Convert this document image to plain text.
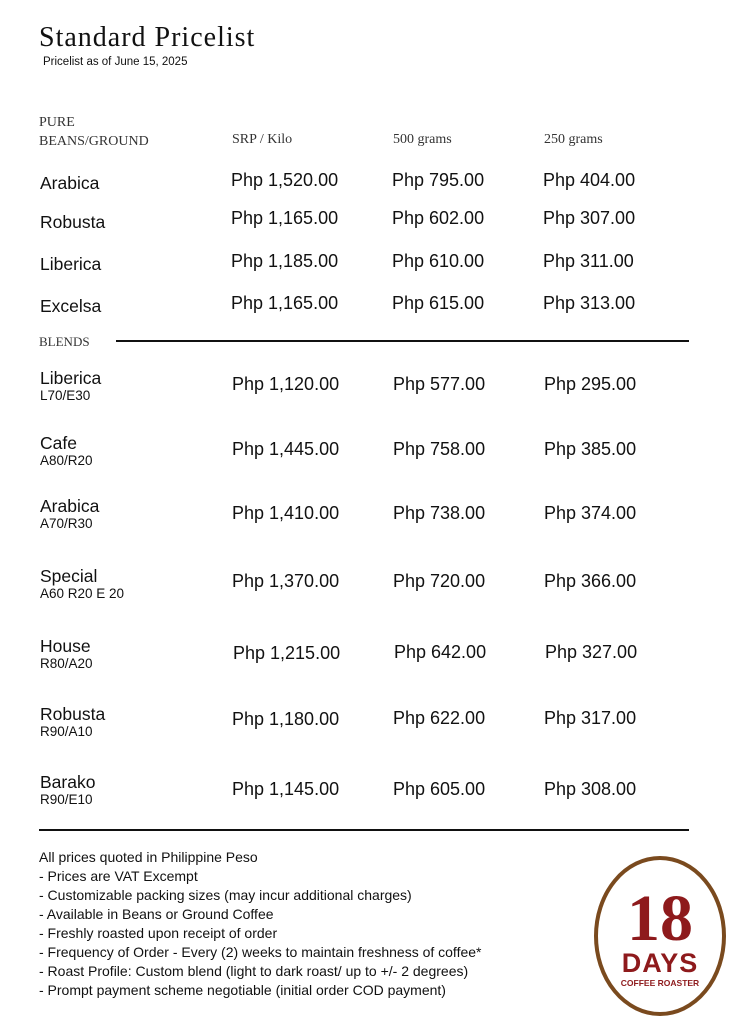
Standard Pricelist
Pricelist as of June 15, 2025
PURE
BEANS/GROUND	SRP / Kilo	500 grams	250 grams
Arabica	Php 1,520.00	Php 795.00	Php 404.00
Robusta	Php 1,165.00	Php 602.00	Php 307.00
Liberica	Php 1,185.00	Php 610.00	Php 311.00
Excelsa	Php 1,165.00	Php 615.00	Php 313.00
BLENDS
Liberica
L70/E30
Php 1,120.00	Php 577.00	Php 295.00
Cafe
A80/R20
Php 1,445.00	Php 758.00	Php 385.00
Arabica
A70/R30
Php 1,410.00	Php 738.00	Php 374.00
Special
A60 R20 E 20
Php 1,370.00	Php 720.00	Php 366.00
House
R80/A20
Php 1,215.00	Php 642.00	Php 327.00
Robusta
R90/A10
Php 1,180.00	Php 622.00	Php 317.00
Barako
R90/E10
Php 1,145.00	Php 605.00	Php 308.00
All prices quoted in Philippine Peso
- Prices are VAT Excempt
- Customizable packing sizes (may incur additional charges)
- Available in Beans or Ground Coffee
- Freshly roasted upon receipt of order
- Frequency of Order - Every (2) weeks to maintain freshness of coffee*
- Roast Profile: Custom blend (light to dark roast/ up to +/- 2 degrees)
- Prompt payment scheme negotiable (initial order COD payment)
18
DAYS
COFFEE ROASTER
